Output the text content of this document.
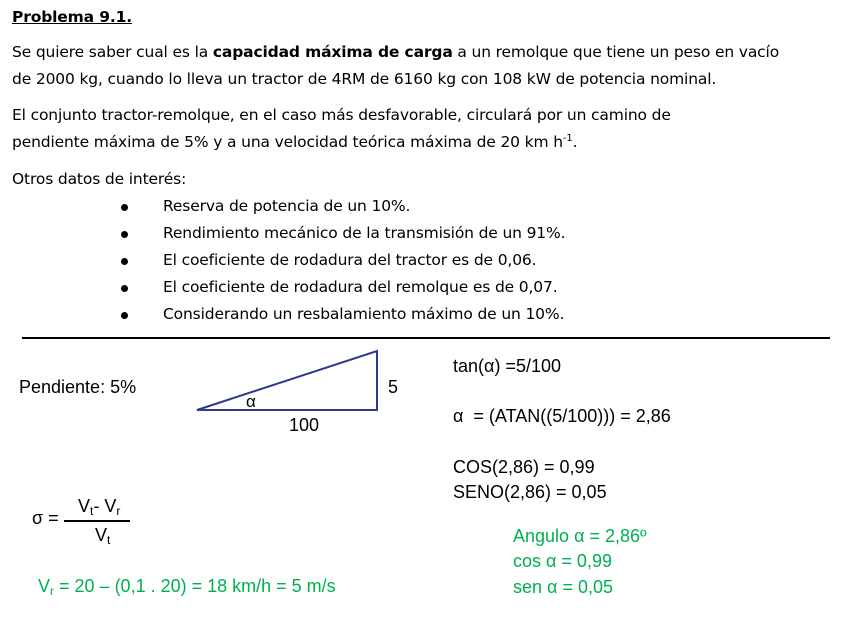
Problema 9.1.
Se quiere saber cual es la capacidad máxima de carga a un remolque que tiene un peso en vacío
de 2000 kg, cuando lo lleva un tractor de 4RM de 6160 kg con 108 kW de potencia nominal.
El conjunto tractor-remolque, en el caso más desfavorable, circulará por un camino de
pendiente máxima de 5% y a una velocidad teórica máxima de 20 km $h^{-1}$.
Otros datos de interés:
Reserva de potencia de un 10%.
Rendimiento mecánico de la transmisión de un 91%.
El coeficiente de rodadura del tractor es de 0,06.
El coeficiente de rodadura del remolque es de 0,07.
Considerando un resbalamiento máximo de un 10%.
Pendiente: 5%
α
100
5
tan(α) =5/100
α  = (ATAN((5/100))) = 2,86
COS(2,86) = 0,99
SENO(2,86) = 0,05
σ =
$V_t-$ $V_r$
$V_t$
$V_r = 20 - (0,1$ . 20) = 18 km/h = 5 m/s
Angulo α = 2,86º
cos α = 0,99
sen α = 0,05
